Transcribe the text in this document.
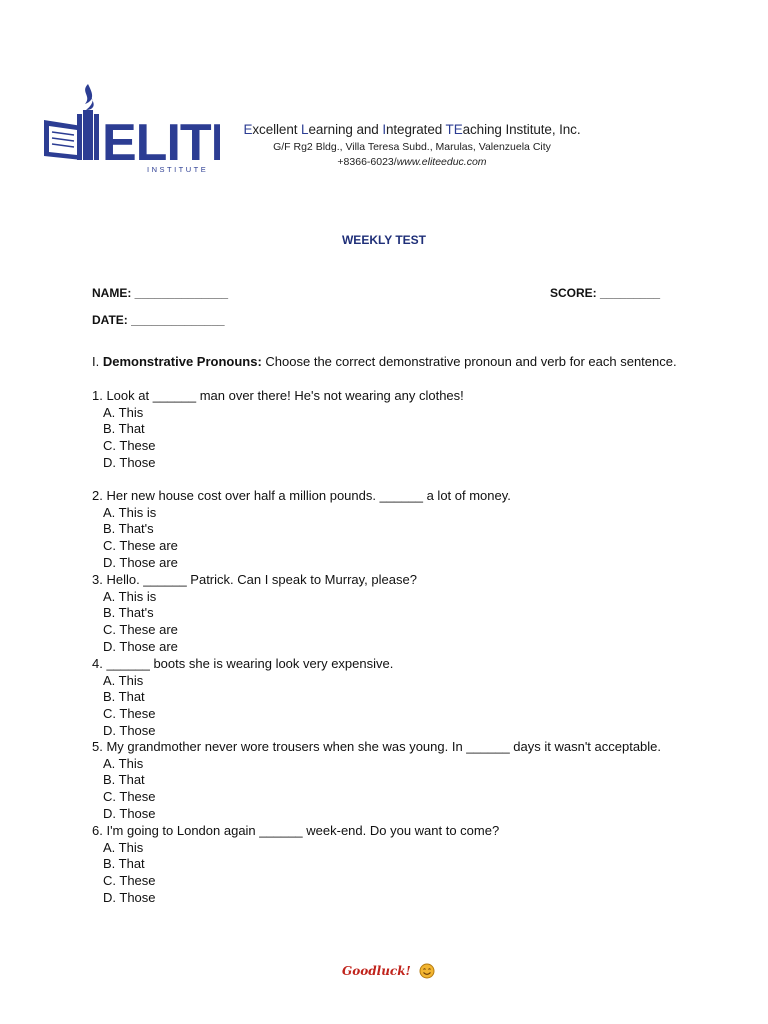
ELIT
INSTITUTE
Excellent Learning and Integrated TEaching Institute, Inc.
G/F Rg2 Bldg., Villa Teresa Subd., Marulas, Valenzuela City
+8366-6023/www.eliteeduc.com
WEEKLY TEST
NAME: ______________	SCORE: _________
DATE: ______________
I. Demonstrative Pronouns: Choose the correct demonstrative pronoun and verb for each sentence.
1. Look at ______ man over there! He's not wearing any clothes!
A. This
B. That
C. These
D. Those
2. Her new house cost over half a million pounds. ______ a lot of money.
A. This is
B. That's
C. These are
D. Those are
3. Hello. ______ Patrick. Can I speak to Murray, please?
A. This is
B. That's
C. These are
D. Those are
4. ______ boots she is wearing look very expensive.
A. This
B. That
C. These
D. Those
5. My grandmother never wore trousers when she was young. In ______ days it wasn't acceptable.
A. This
B. That
C. These
D. Those
6. I'm going to London again ______ week-end. Do you want to come?
A. This
B. That
C. These
D. Those
Goodluck!
